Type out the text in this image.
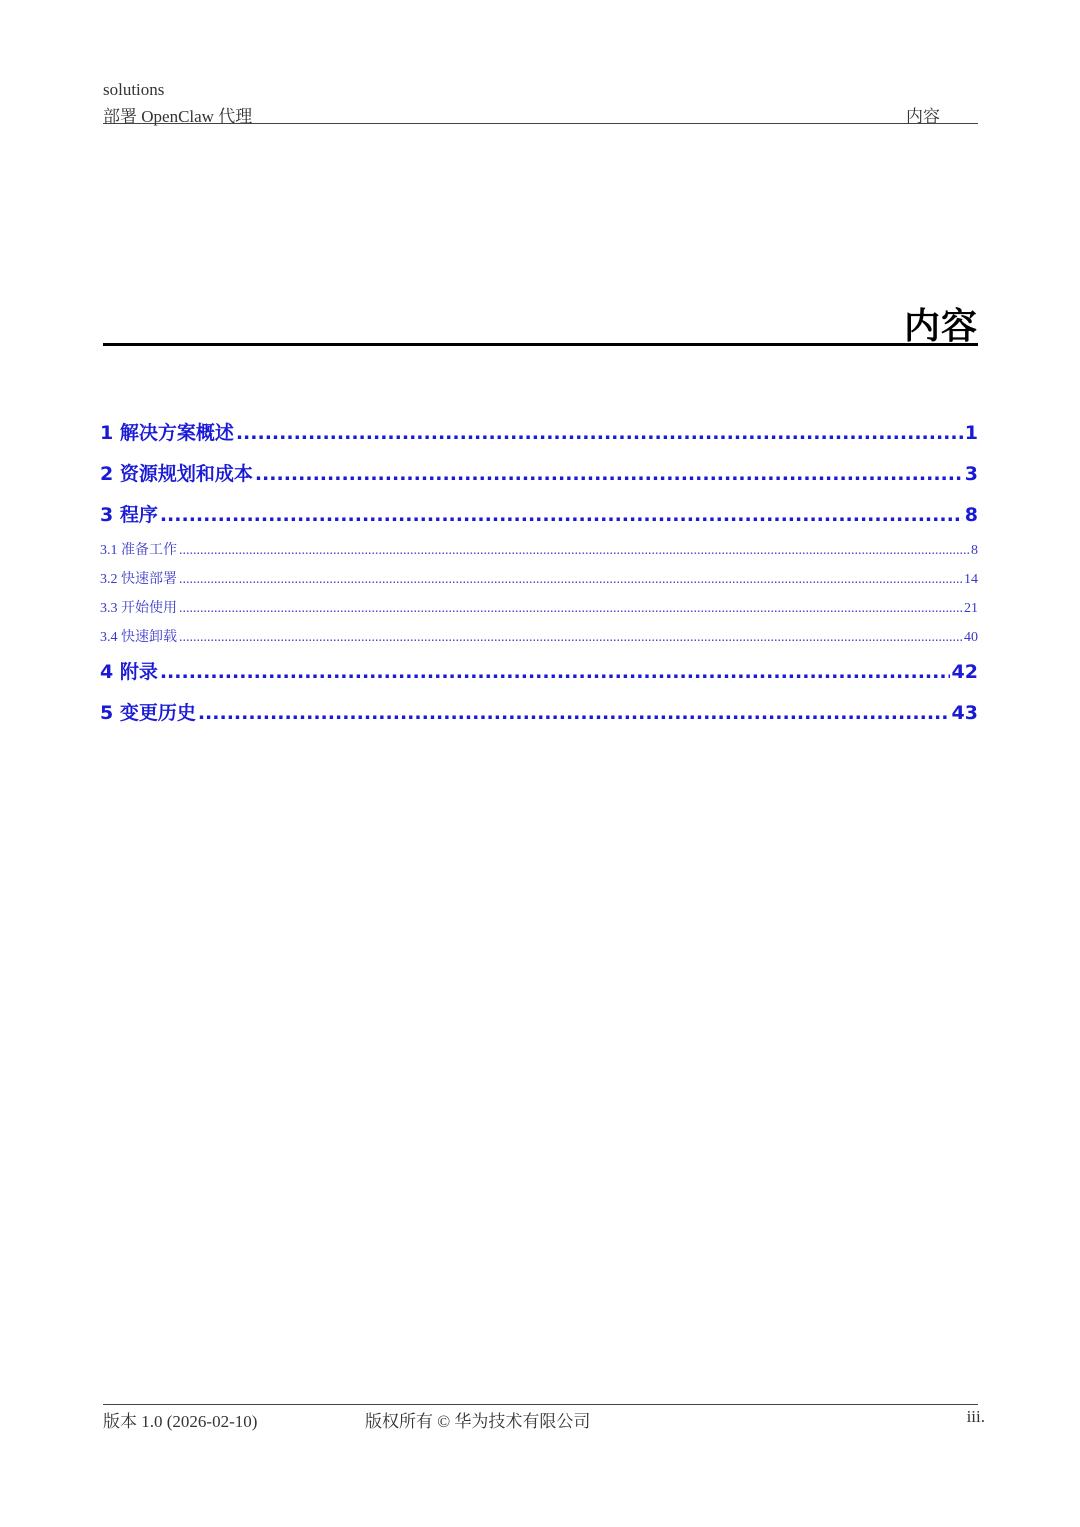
solutions
部署 OpenClaw 代理	内容
内容
1 解决方案概述 .....	1
2 资源规划和成本 .....	3
3 程序 .....	8
3.1 准备工作 .....	8
3.2 快速部署 .....	14
3.3 开始使用 .....	21
3.4 快速卸载 .....	40
4 附录 .....	42
5 变更历史 .....	43
版本 1.0 (2026-02-10)	版权所有 © 华为技术有限公司	iii.
